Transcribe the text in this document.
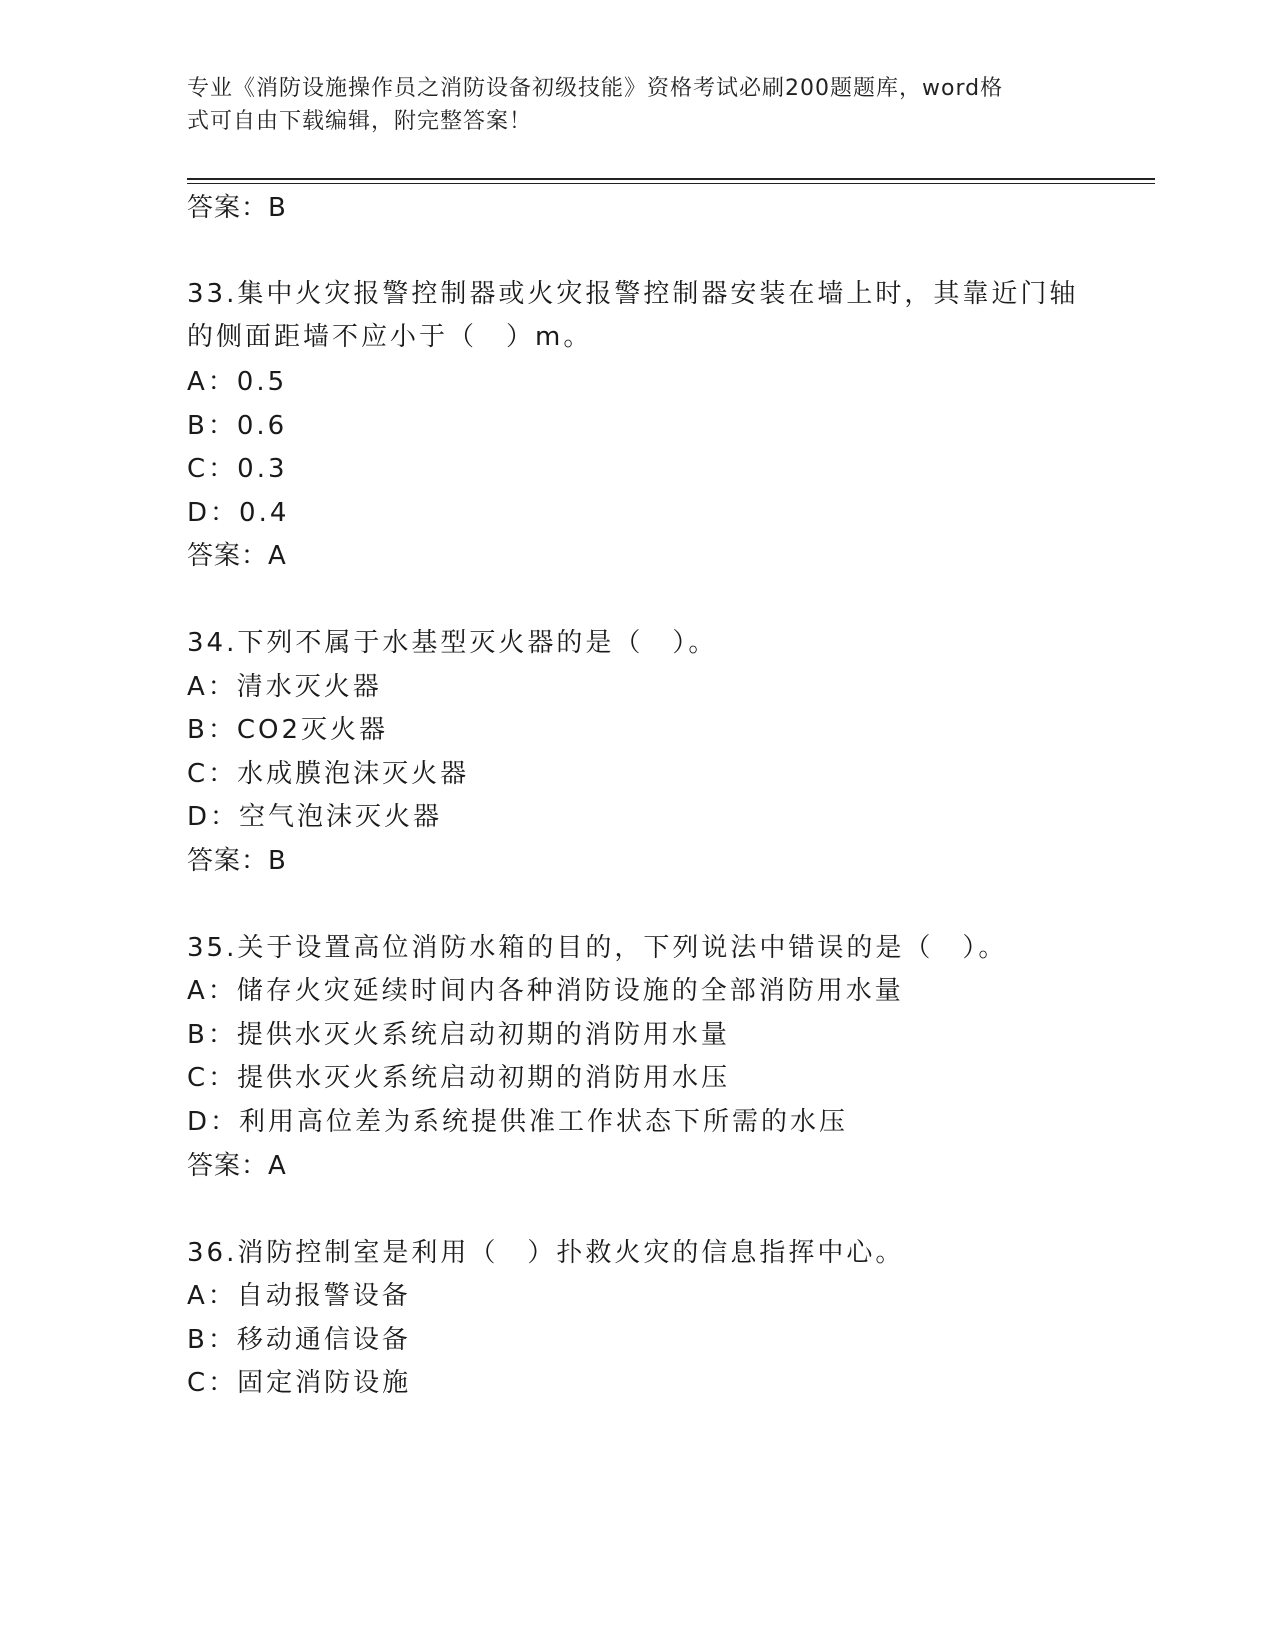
专业《消防设施操作员之消防设备初级技能》资格考试必刷200题题库，word格
式可自由下载编辑，附完整答案！
答案：B
33.集中火灾报警控制器或火灾报警控制器安装在墙上时，其靠近门轴
的侧面距墙不应小于（　）m。
A：0.5
B：0.6
C：0.3
D：0.4
答案：A
34.下列不属于水基型灭火器的是（　）。
A：清水灭火器
B：CO2灭火器
C：水成膜泡沫灭火器
D：空气泡沫灭火器
答案：B
35.关于设置高位消防水箱的目的，下列说法中错误的是（　）。
A：储存火灾延续时间内各种消防设施的全部消防用水量
B：提供水灭火系统启动初期的消防用水量
C：提供水灭火系统启动初期的消防用水压
D：利用高位差为系统提供准工作状态下所需的水压
答案：A
36.消防控制室是利用（　）扑救火灾的信息指挥中心。
A：自动报警设备
B：移动通信设备
C：固定消防设施
